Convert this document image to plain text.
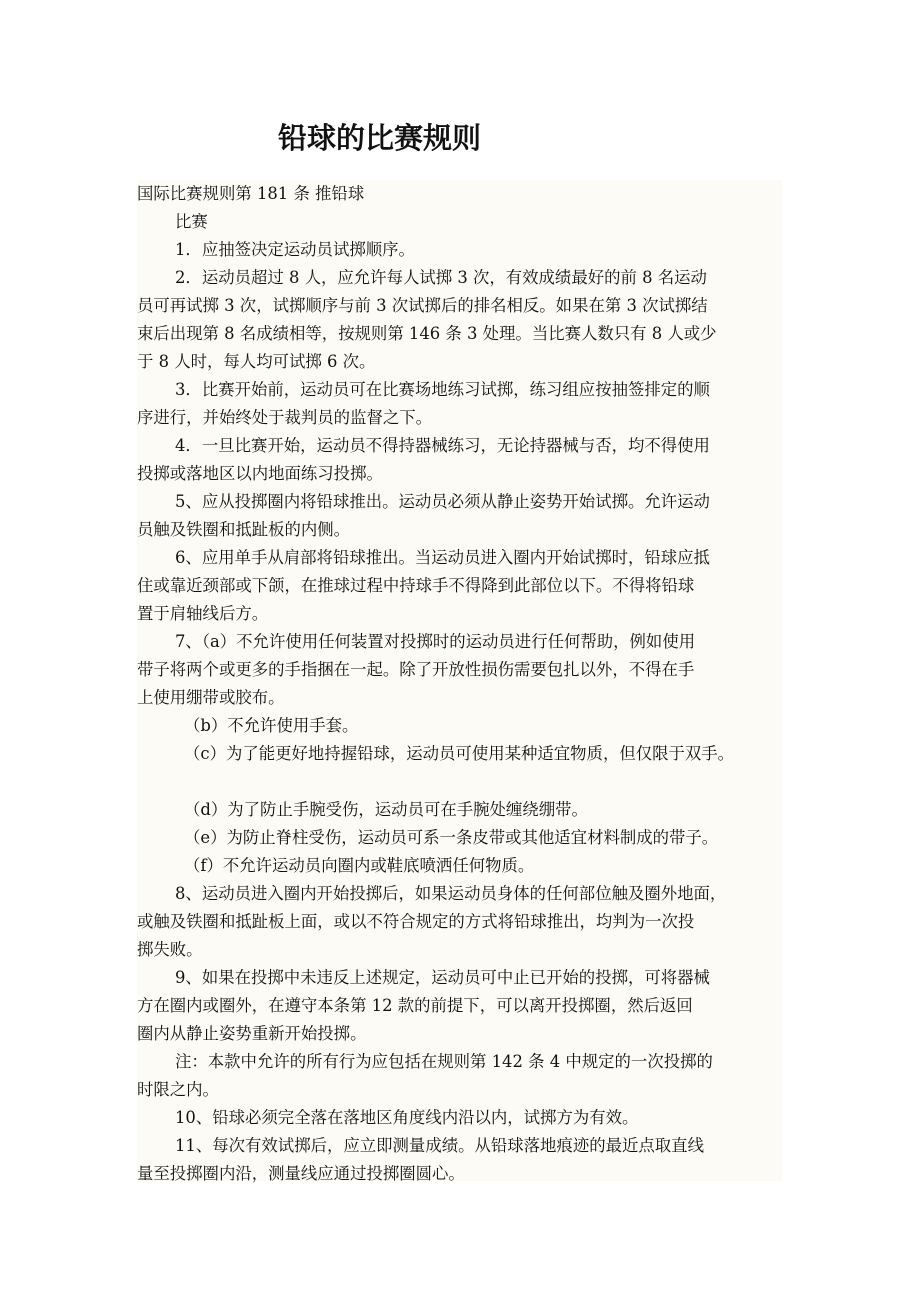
铅球的比赛规则
国际比赛规则第 181 条 推铅球
比赛
1．应抽签决定运动员试掷顺序。
2．运动员超过 8 人，应允许每人试掷 3 次，有效成绩最好的前 8 名运动
员可再试掷 3 次，试掷顺序与前 3 次试掷后的排名相反。如果在第 3 次试掷结
束后出现第 8 名成绩相等，按规则第 146 条 3 处理。当比赛人数只有 8 人或少
于 8 人时，每人均可试掷 6 次。
3．比赛开始前，运动员可在比赛场地练习试掷，练习组应按抽签排定的顺
序进行，并始终处于裁判员的监督之下。
4．一旦比赛开始，运动员不得持器械练习，无论持器械与否，均不得使用
投掷或落地区以内地面练习投掷。
5、应从投掷圈内将铅球推出。运动员必须从静止姿势开始试掷。允许运动
员触及铁圈和抵趾板的内侧。
6、应用单手从肩部将铅球推出。当运动员进入圈内开始试掷时，铅球应抵
住或靠近颈部或下颌，在推球过程中持球手不得降到此部位以下。不得将铅球
置于肩轴线后方。
7、（a）不允许使用任何装置对投掷时的运动员进行任何帮助，例如使用
带子将两个或更多的手指捆在一起。除了开放性损伤需要包扎以外，不得在手
上使用绷带或胶布。
（b）不允许使用手套。
（c）为了能更好地持握铅球，运动员可使用某种适宜物质，但仅限于双手。
（d）为了防止手腕受伤，运动员可在手腕处缠绕绷带。
（e）为防止脊柱受伤，运动员可系一条皮带或其他适宜材料制成的带子。
（f）不允许运动员向圈内或鞋底喷洒任何物质。
8、运动员进入圈内开始投掷后，如果运动员身体的任何部位触及圈外地面，
或触及铁圈和抵趾板上面，或以不符合规定的方式将铅球推出，均判为一次投
掷失败。
9、如果在投掷中未违反上述规定，运动员可中止已开始的投掷，可将器械
方在圈内或圈外，在遵守本条第 12 款的前提下，可以离开投掷圈，然后返回
圈内从静止姿势重新开始投掷。
注：本款中允许的所有行为应包括在规则第 142 条 4 中规定的一次投掷的
时限之内。
10、铅球必须完全落在落地区角度线内沿以内，试掷方为有效。
11、每次有效试掷后，应立即测量成绩。从铅球落地痕迹的最近点取直线
量至投掷圈内沿，测量线应通过投掷圈圆心。
